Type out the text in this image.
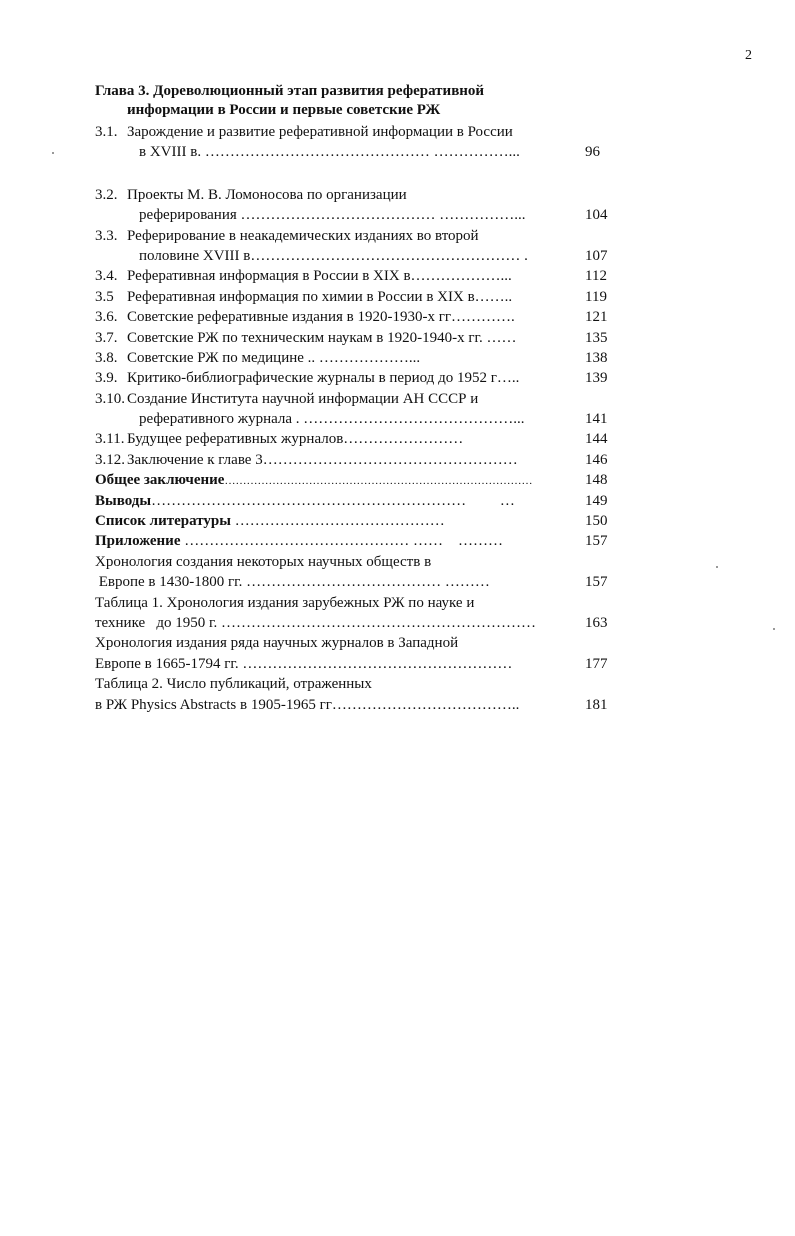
2
Глава 3. Дореволюционный этап развития реферативной
информации в России и первые советские РЖ
3.1. Зарождение и развитие реферативной информации в России
в XVIII в. ……………………………………… ……………...	96
3.2. Проекты М. В. Ломоносова по организации
реферирования ………………………………… ……………...	104
3.3. Реферирование в неакадемических изданиях во второй
половине XVIII в……………………………………………… .	107
3.4. Реферативная информация в России в XIX в………………...	112
3.5 Реферативная информация по химии в России в XIX в……..	119
3.6. Советские реферативные издания в 1920-1930-х гг………….	121
3.7. Советские РЖ по техническим наукам в 1920-1940-х гг. ……	135
3.8. Советские РЖ по медицине .. ………………...	138
3.9. Критико-библиографические журналы в период до 1952 г…..	139
3.10. Создание Института научной информации АН СССР и
реферативного журнала . ……………………………………...	141
3.11. Будущее реферативных журналов……………………	144
3.12. Заключение к главе 3……………………………………………	146
Общее заключение…………………………………………………………………………	148
Выводы………………………………………………………         …	149
Список литературы ……………………………………	150
Приложение ……………………………………… ……    ………	157
Хронология создания некоторых научных обществ в
Европе в 1430-1800 гг. ………………………………… ………	157
Таблица 1. Хронология издания зарубежных РЖ по науке и
технике   до 1950 г. ………………………………………………………	163
Хронология издания ряда научных журналов в Западной
Европе в 1665-1794 гг. ………………………………………………	177
Таблица 2. Число публикаций, отраженных
в РЖ Physics Abstracts в 1905-1965 гг………………………………..	181
